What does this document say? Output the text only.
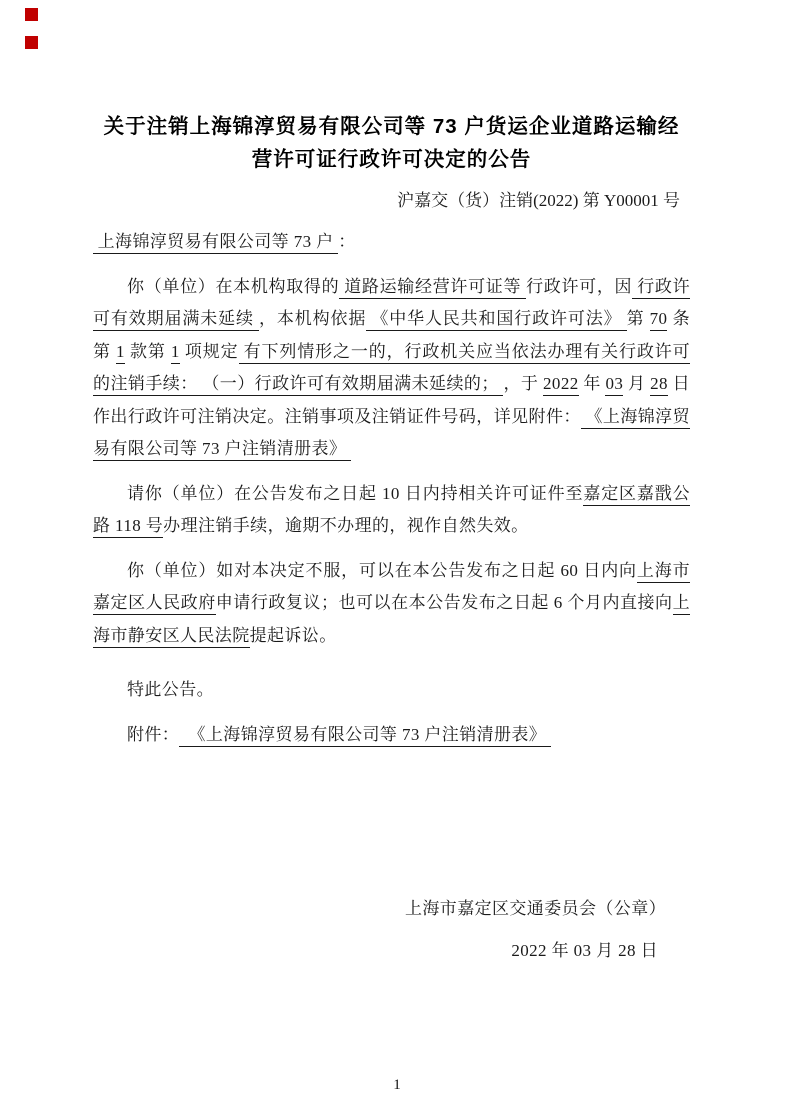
关于注销上海锦淳贸易有限公司等 73 户货运企业道路运输经
营许可证行政许可决定的公告
沪嘉交（货）注销(2022) 第 Y00001 号

上海锦淳贸易有限公司等 73 户 ：

你（单位）在本机构取得的 道路运输经营许可证等 行政许可，因 行政许可有效期届满未延续 ，本机构依据 《中华人民共和国行政许可法》 第 70 条第 1 款第 1 项规定 有下列情形之一的，行政机关应当依法办理有关行政许可的注销手续： （一）行政许可有效期届满未延续的； ，于 2022 年 03 月 28 日作出行政许可注销决定。注销事项及注销证件号码，详见附件： 《上海锦淳贸易有限公司等 73 户注销清册表》

请你（单位）在公告发布之日起 10 日内持相关许可证件至嘉定区嘉戬公路 118 号办理注销手续，逾期不办理的，视作自然失效。

你（单位）如对本决定不服，可以在本公告发布之日起 60 日内向上海市嘉定区人民政府申请行政复议；也可以在本公告发布之日起 6 个月内直接向上海市静安区人民法院提起诉讼。

特此公告。

附件：  《上海锦淳贸易有限公司等 73 户注销清册表》

上海市嘉定区交通委员会（公章）
2022 年 03 月 28 日
1
